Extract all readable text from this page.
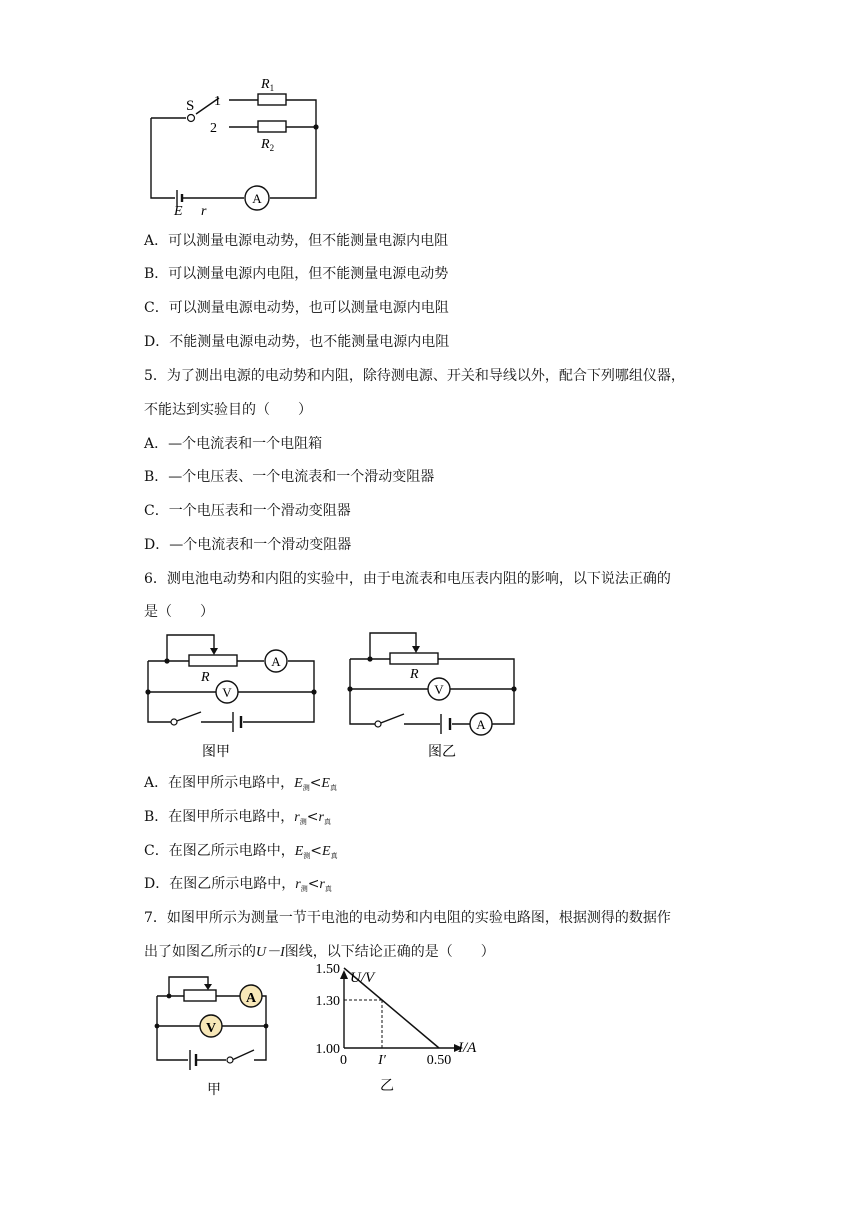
S 1
2
$R_1$
$R_2$
E r
A
A．可以测量电源电动势，但不能测量电源内电阻
B．可以测量电源内电阻，但不能测量电源电动势
C．可以测量电源电动势，也可以测量电源内电阻
D．不能测量电源电动势，也不能测量电源内电阻
5．为了测出电源的电动势和内阻，除待测电源、开关和导线以外，配合下列哪组仪器，
不能达到实验目的（　　）
A．—个电流表和一个电阻箱
B．—个电压表、一个电流表和一个滑动变阻器
C．一个电压表和一个滑动变阻器
D．—个电流表和一个滑动变阻器
6．测电池电动势和内阻的实验中，由于电流表和电压表内阻的影响，以下说法正确的
是（　　）
R
A
V
图甲
R
V
A
图乙
A．在图甲所示电路中，$E_测<E_真$
B．在图甲所示电路中，$r_测<r_真$
C．在图乙所示电路中，$E_测<E_真$
D．在图乙所示电路中，$r_测<r_真$
7．如图甲所示为测量一节干电池的电动势和内电阻的实验电路图，根据测得的数据作
出了如图乙所示的U－I图线，以下结论正确的是（　　）
A
V
甲
U/V
I/A
1.50
1.30
1.00
0	0.50
I′
乙
